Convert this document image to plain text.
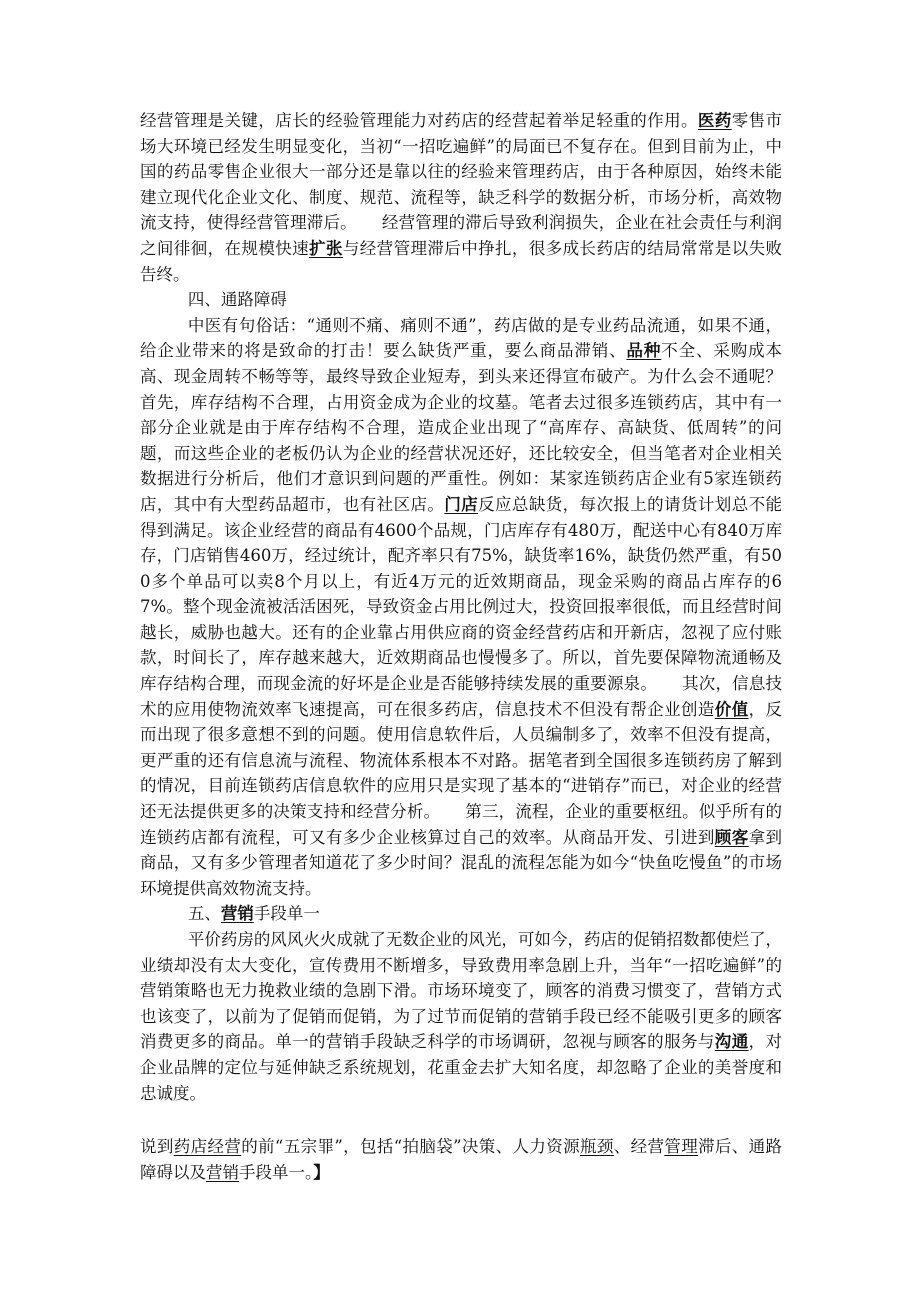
经营管理是关键，店长的经验管理能力对药店的经营起着举足轻重的作用。医药零售市场大环境已经发生明显变化，当初“一招吃遍鲜”的局面已不复存在。但到目前为止，中国的药品零售企业很大一部分还是靠以往的经验来管理药店，由于各种原因，始终未能建立现代化企业文化、制度、规范、流程等，缺乏科学的数据分析，市场分析，高效物流支持，使得经营管理滞后。　　经营管理的滞后导致利润损失，企业在社会责任与利润之间徘徊，在规模快速扩张与经营管理滞后中挣扎，很多成长药店的结局常常是以失败告终。

四、通路障碍

中医有句俗话：“通则不痛、痛则不通”，药店做的是专业药品流通，如果不通，给企业带来的将是致命的打击！要么缺货严重，要么商品滞销、品种不全、采购成本高、现金周转不畅等等，最终导致企业短寿，到头来还得宣布破产。为什么会不通呢？　　首先，库存结构不合理，占用资金成为企业的坟墓。笔者去过很多连锁药店，其中有一部分企业就是由于库存结构不合理，造成企业出现了“高库存、高缺货、低周转”的问题，而这些企业的老板仍认为企业的经营状况还好，还比较安全，但当笔者对企业相关数据进行分析后，他们才意识到问题的严重性。例如：某家连锁药店企业有5家连锁药店，其中有大型药品超市，也有社区店。门店反应总缺货，每次报上的请货计划总不能得到满足。该企业经营的商品有4600个品规，门店库存有480万，配送中心有840万库存，门店销售460万，经过统计，配齐率只有75%，缺货率16%，缺货仍然严重，有500多个单品可以卖8个月以上，有近4万元的近效期商品，现金采购的商品占库存的67%。整个现金流被活活困死，导致资金占用比例过大，投资回报率很低，而且经营时间越长，威胁也越大。还有的企业靠占用供应商的资金经营药店和开新店，忽视了应付账款，时间长了，库存越来越大，近效期商品也慢慢多了。所以，首先要保障物流通畅及库存结构合理，而现金流的好坏是企业是否能够持续发展的重要源泉。　　其次，信息技术的应用使物流效率飞速提高，可在很多药店，信息技术不但没有帮企业创造价值，反而出现了很多意想不到的问题。使用信息软件后，人员编制多了，效率不但没有提高，更严重的还有信息流与流程、物流体系根本不对路。据笔者到全国很多连锁药房了解到的情况，目前连锁药店信息软件的应用只是实现了基本的“进销存”而已，对企业的经营还无法提供更多的决策支持和经营分析。　　第三，流程，企业的重要枢纽。似乎所有的连锁药店都有流程，可又有多少企业核算过自己的效率。从商品开发、引进到顾客拿到商品，又有多少管理者知道花了多少时间？混乱的流程怎能为如今“快鱼吃慢鱼”的市场环境提供高效物流支持。

五、营销手段单一

平价药房的风风火火成就了无数企业的风光，可如今，药店的促销招数都使烂了，业绩却没有太大变化，宣传费用不断增多，导致费用率急剧上升，当年“一招吃遍鲜”的营销策略也无力挽救业绩的急剧下滑。市场环境变了，顾客的消费习惯变了，营销方式也该变了，以前为了促销而促销，为了过节而促销的营销手段已经不能吸引更多的顾客消费更多的商品。单一的营销手段缺乏科学的市场调研，忽视与顾客的服务与沟通，对企业品牌的定位与延伸缺乏系统规划，花重金去扩大知名度，却忽略了企业的美誉度和忠诚度。

说到药店经营的前“五宗罪”，包括“拍脑袋”决策、人力资源瓶颈、经营管理滞后、通路障碍以及营销手段单一。】
